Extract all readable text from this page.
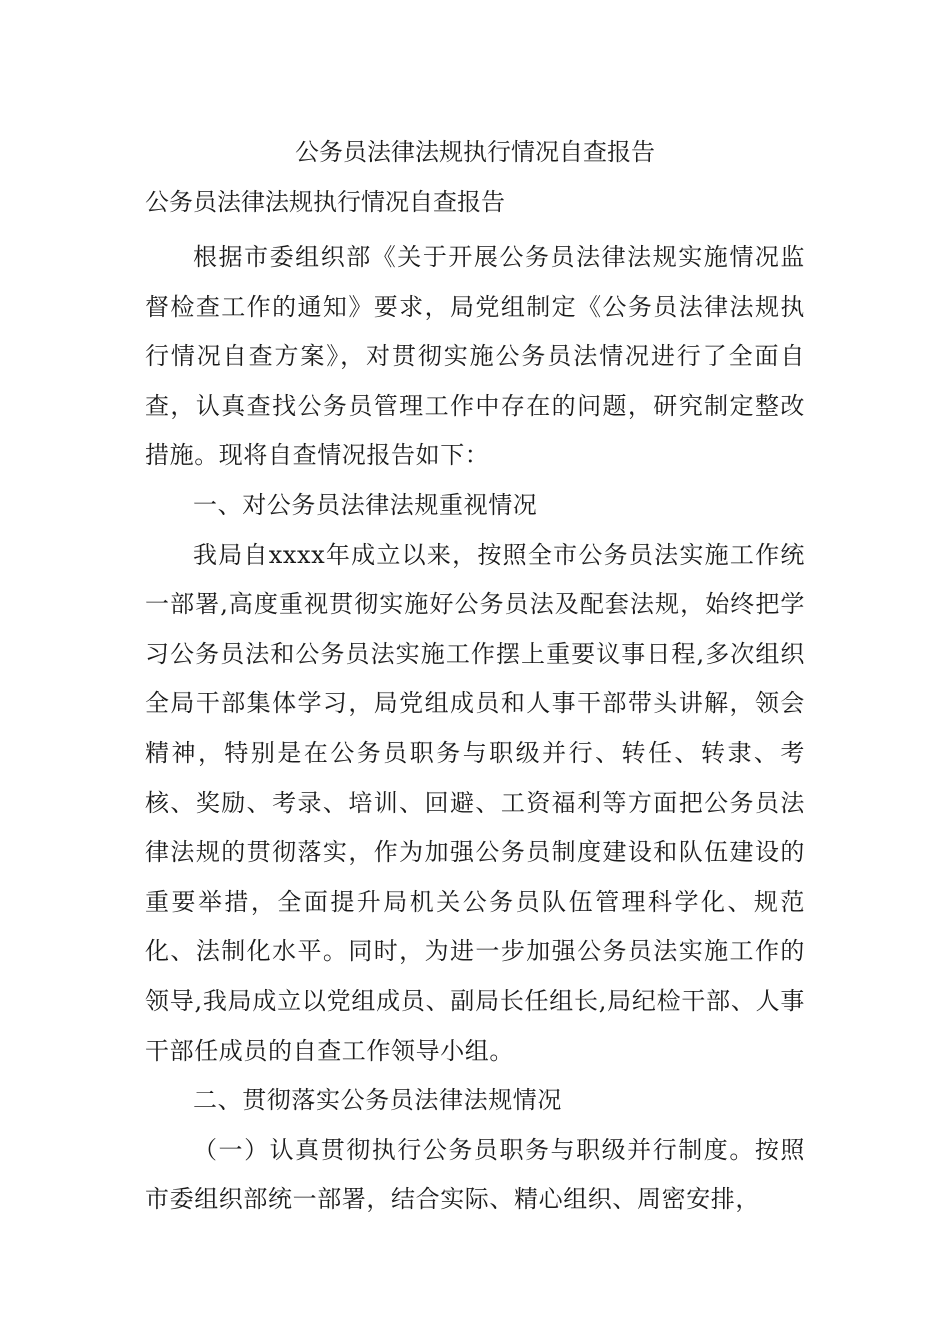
公务员法律法规执行情况自查报告
公务员法律法规执行情况自查报告

根据市委组织部《关于开展公务员法律法规实施情况监督检查工作的通知》要求，局党组制定《公务员法律法规执行情况自查方案》，对贯彻实施公务员法情况进行了全面自查，认真查找公务员管理工作中存在的问题，研究制定整改措施。现将自查情况报告如下：

一、对公务员法律法规重视情况

我局自xxxx年成立以来，按照全市公务员法实施工作统一部署,高度重视贯彻实施好公务员法及配套法规，始终把学习公务员法和公务员法实施工作摆上重要议事日程,多次组织全局干部集体学习，局党组成员和人事干部带头讲解，领会精神，特别是在公务员职务与职级并行、转任、转隶、考核、奖励、考录、培训、回避、工资福利等方面把公务员法律法规的贯彻落实，作为加强公务员制度建设和队伍建设的重要举措，全面提升局机关公务员队伍管理科学化、规范化、法制化水平。同时，为进一步加强公务员法实施工作的领导,我局成立以党组成员、副局长任组长,局纪检干部、人事干部任成员的自查工作领导小组。

二、贯彻落实公务员法律法规情况

（一）认真贯彻执行公务员职务与职级并行制度。按照市委组织部统一部署，结合实际、精心组织、周密安排，
